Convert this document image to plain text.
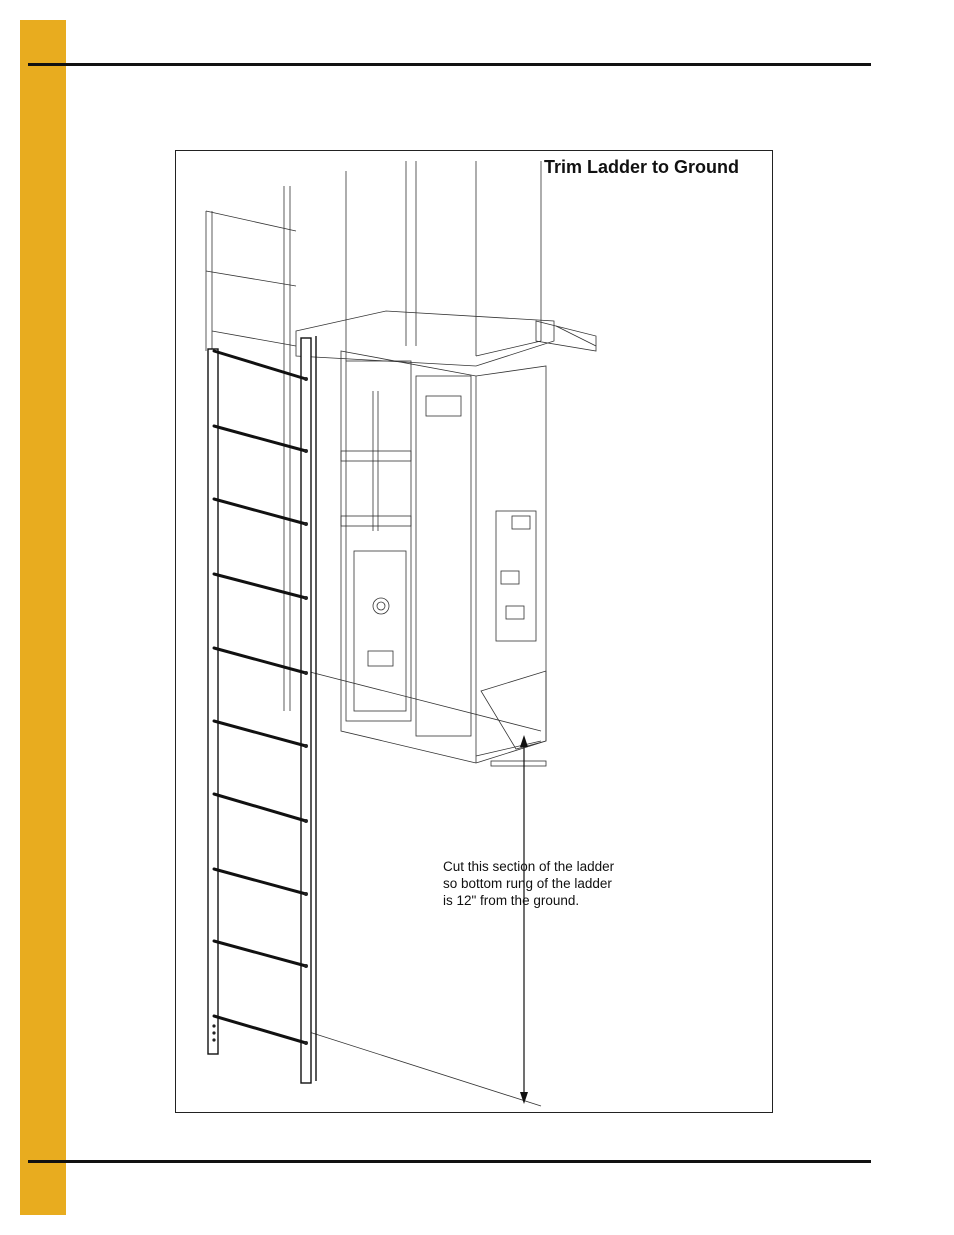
Trim Ladder to Ground
Cut this section of the ladder
so bottom rung of the ladder
is 12" from the ground.
